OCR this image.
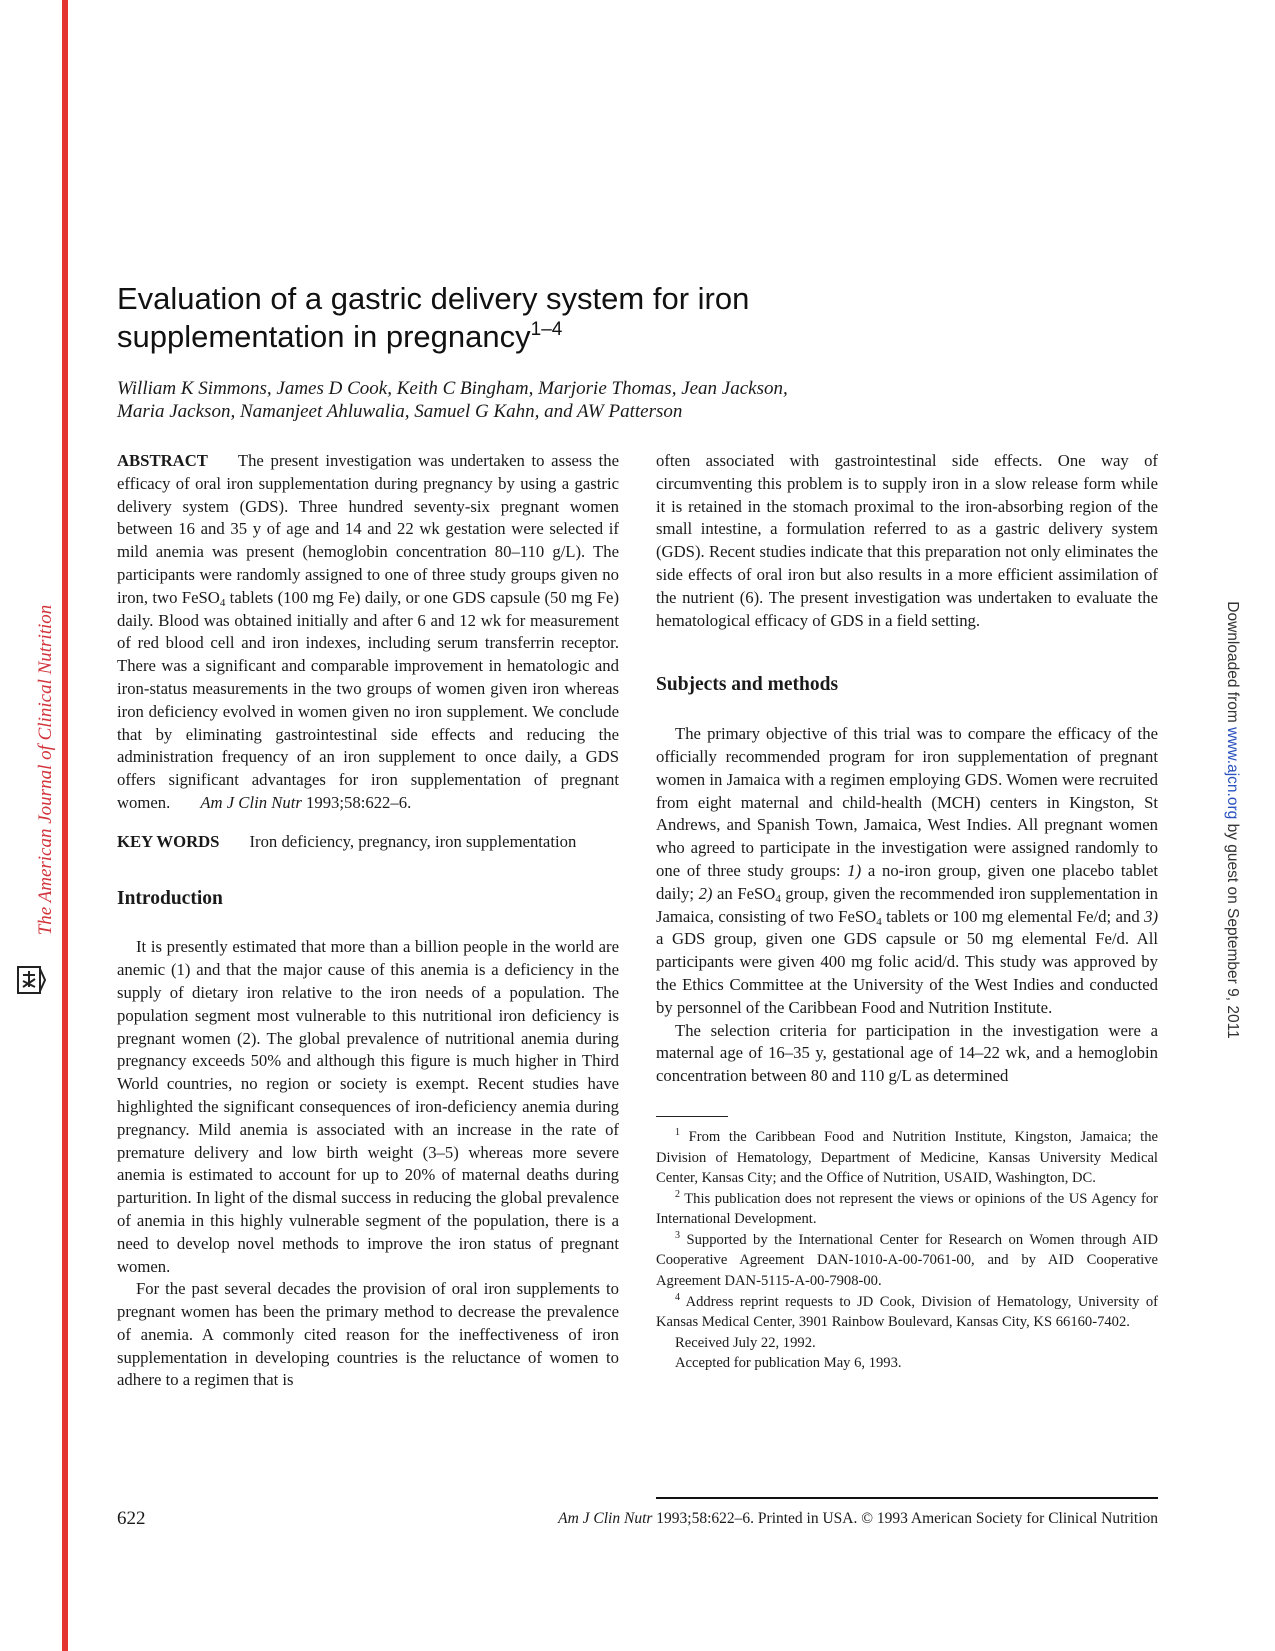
The American Journal of Clinical Nutrition	Downloaded from www.ajcn.org by guest on September 9, 2011
Evaluation of a gastric delivery system for iron
supplementation in pregnancy$^{1-4}$
William K Simmons, James D Cook, Keith C Bingham, Marjorie Thomas, Jean Jackson,
Maria Jackson, Namanjeet Ahluwalia, Samuel G Kahn, and AW Patterson

ABSTRACT The present investigation was undertaken to assess the efficacy of oral iron supplementation during pregnancy by using a gastric delivery system (GDS). Three hundred seventy-six pregnant women between 16 and 35 y of age and 14 and 22 wk gestation were selected if mild anemia was present (hemoglobin concentration 80–110 g/L). The participants were randomly assigned to one of three study groups given no iron, two FeSO$_4$ tablets (100 mg Fe) daily, or one GDS capsule (50 mg Fe) daily. Blood was obtained initially and after 6 and 12 wk for measurement of red blood cell and iron indexes, including serum transferrin receptor. There was a significant and comparable improvement in hematologic and iron-status measurements in the two groups of women given iron whereas iron deficiency evolved in women given no iron supplement. We conclude that by eliminating gastrointestinal side effects and reducing the administration frequency of an iron supplement to once daily, a GDS offers significant advantages for iron supplementation of pregnant women. Am J Clin Nutr 1993;58:622–6.

KEY WORDS Iron deficiency, pregnancy, iron supplementation

Introduction

It is presently estimated that more than a billion people in the world are anemic (1) and that the major cause of this anemia is a deficiency in the supply of dietary iron relative to the iron needs of a population. The population segment most vulnerable to this nutritional iron deficiency is pregnant women (2). The global prevalence of nutritional anemia during pregnancy exceeds 50% and although this figure is much higher in Third World countries, no region or society is exempt. Recent studies have highlighted the significant consequences of iron-deficiency anemia during pregnancy. Mild anemia is associated with an increase in the rate of premature delivery and low birth weight (3–5) whereas more severe anemia is estimated to account for up to 20% of maternal deaths during parturition. In light of the dismal success in reducing the global prevalence of anemia in this highly vulnerable segment of the population, there is a need to develop novel methods to improve the iron status of pregnant women.

For the past several decades the provision of oral iron supplements to pregnant women has been the primary method to decrease the prevalence of anemia. A commonly cited reason for the ineffectiveness of iron supplementation in developing countries is the reluctance of women to adhere to a regimen that is

often associated with gastrointestinal side effects. One way of circumventing this problem is to supply iron in a slow release form while it is retained in the stomach proximal to the iron-absorbing region of the small intestine, a formulation referred to as a gastric delivery system (GDS). Recent studies indicate that this preparation not only eliminates the side effects of oral iron but also results in a more efficient assimilation of the nutrient (6). The present investigation was undertaken to evaluate the hematological efficacy of GDS in a field setting.

Subjects and methods

The primary objective of this trial was to compare the efficacy of the officially recommended program for iron supplementation of pregnant women in Jamaica with a regimen employing GDS. Women were recruited from eight maternal and child-health (MCH) centers in Kingston, St Andrews, and Spanish Town, Jamaica, West Indies. All pregnant women who agreed to participate in the investigation were assigned randomly to one of three study groups: 1) a no-iron group, given one placebo tablet daily; 2) an FeSO$_4$ group, given the recommended iron supplementation in Jamaica, consisting of two FeSO$_4$ tablets or 100 mg elemental Fe/d; and 3) a GDS group, given one GDS capsule or 50 mg elemental Fe/d. All participants were given 400 mg folic acid/d. This study was approved by the Ethics Committee at the University of the West Indies and conducted by personnel of the Caribbean Food and Nutrition Institute.

The selection criteria for participation in the investigation were a maternal age of 16–35 y, gestational age of 14–22 wk, and a hemoglobin concentration between 80 and 110 g/L as determined

$^1$ From the Caribbean Food and Nutrition Institute, Kingston, Jamaica; the Division of Hematology, Department of Medicine, Kansas University Medical Center, Kansas City; and the Office of Nutrition, USAID, Washington, DC.

$^2$ This publication does not represent the views or opinions of the US Agency for International Development.

$^3$ Supported by the International Center for Research on Women through AID Cooperative Agreement DAN-1010-A-00-7061-00, and by AID Cooperative Agreement DAN-5115-A-00-7908-00.

$^4$ Address reprint requests to JD Cook, Division of Hematology, University of Kansas Medical Center, 3901 Rainbow Boulevard, Kansas City, KS 66160-7402.

Received July 22, 1992.

Accepted for publication May 6, 1993.

622	Am J Clin Nutr 1993;58:622–6. Printed in USA. © 1993 American Society for Clinical Nutrition
